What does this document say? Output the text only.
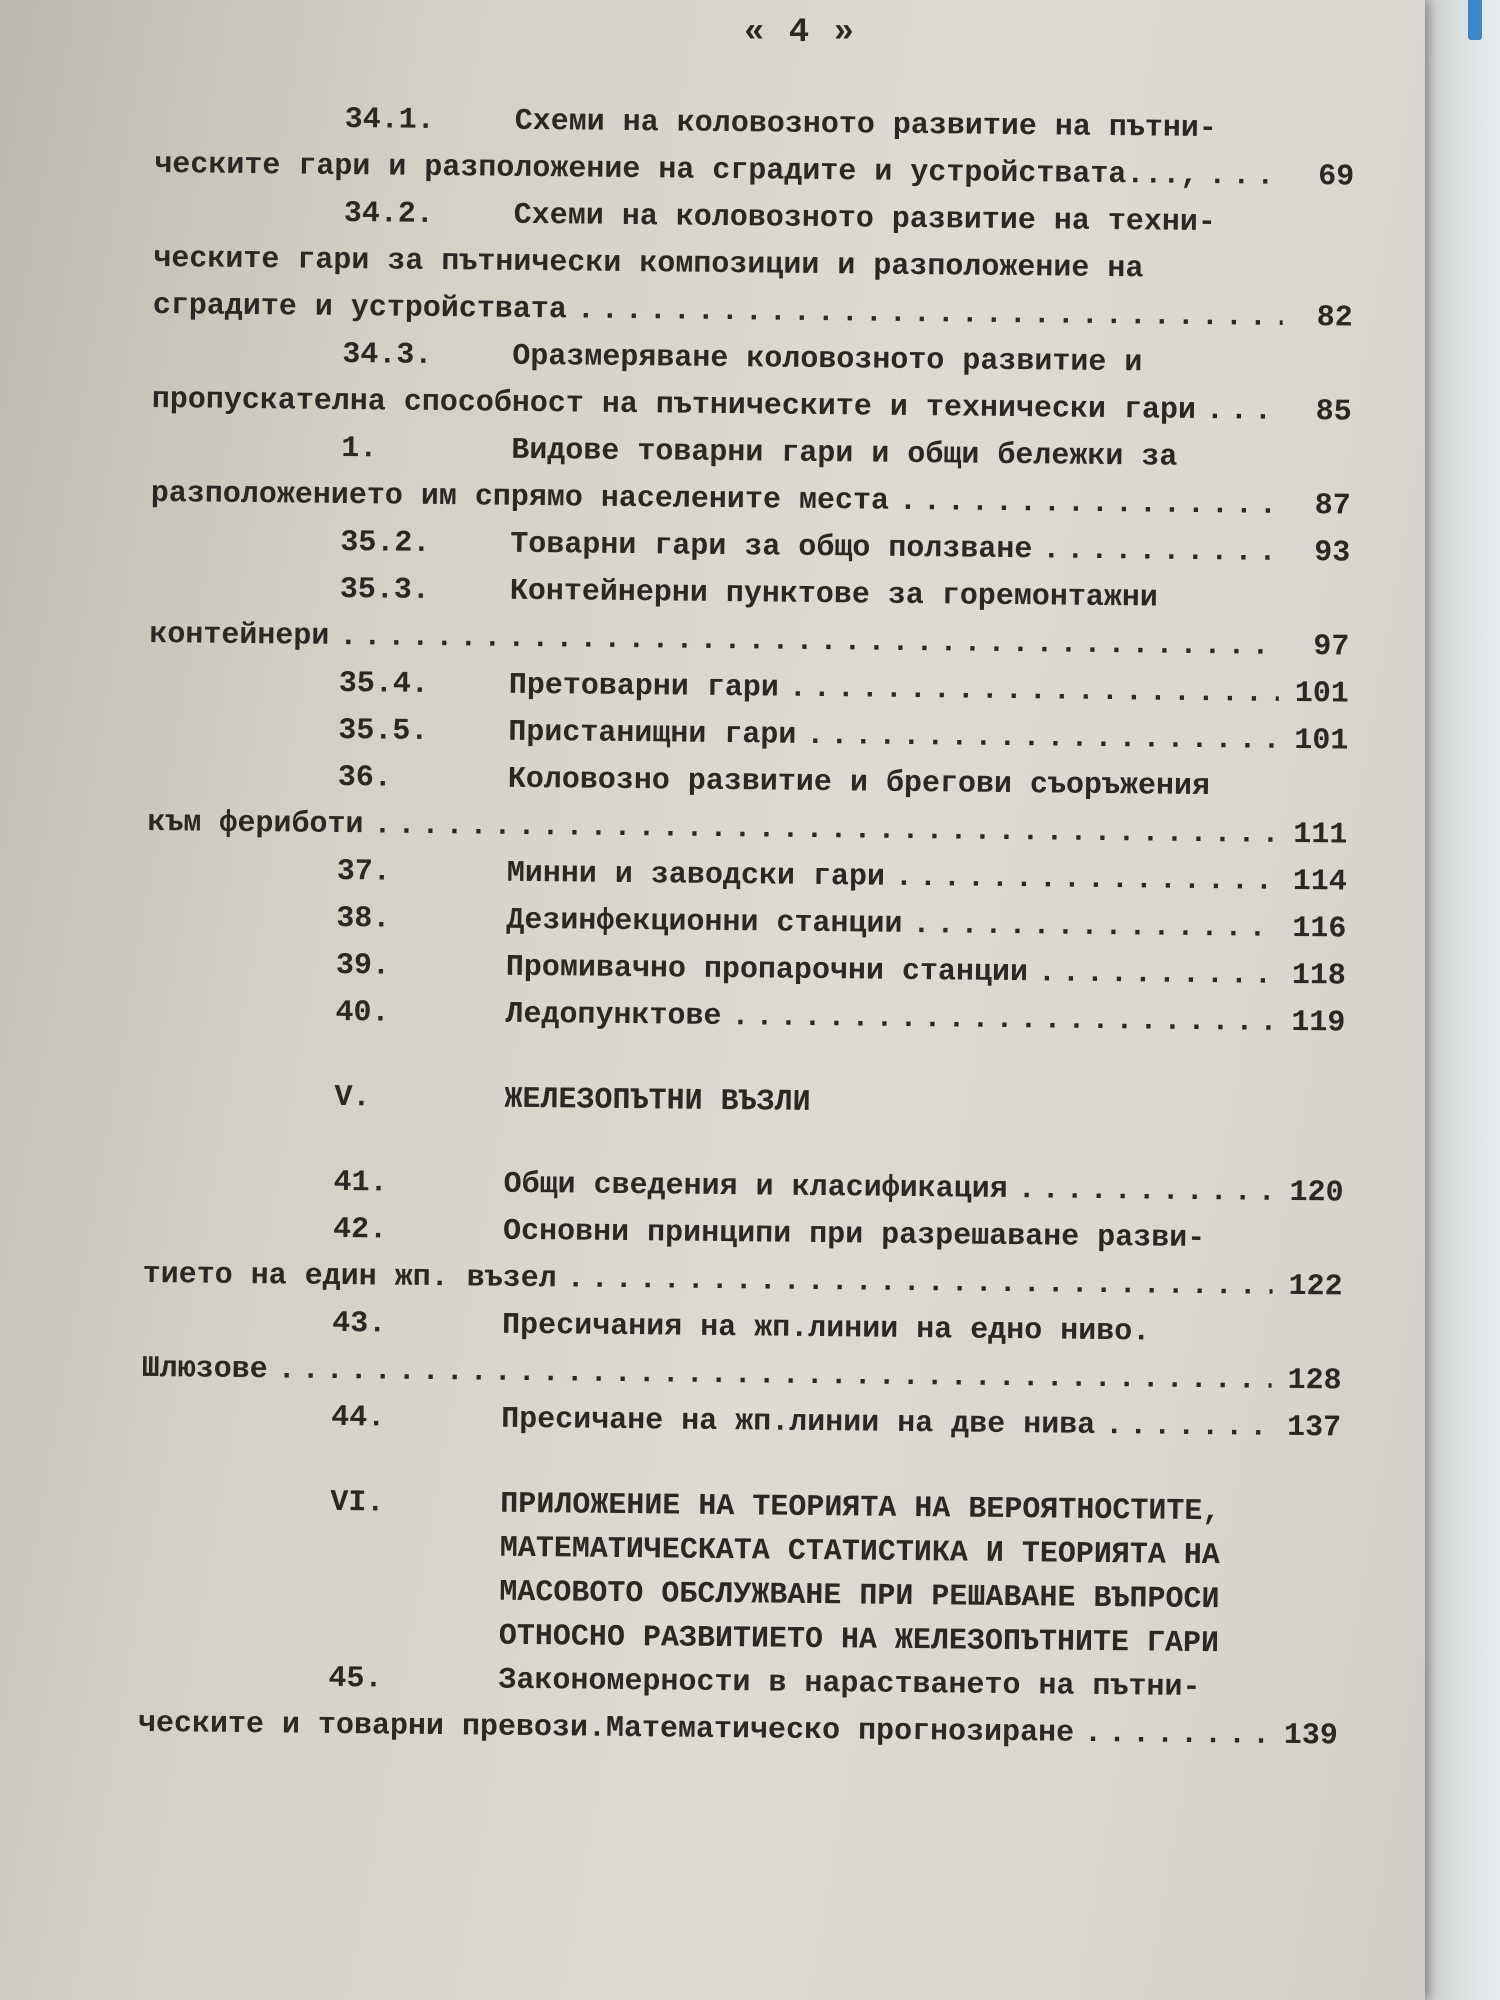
« 4 »
34.1.	Схеми на коловозното развитие на пътни-
ческите гари и разположение на сградите и устройствата..., .....	69
34.2.	Схеми на коловозното развитие на техни-
ческите гари за пътнически композиции и разположение на
сградите и устройствата .....	82
34.3.	Оразмеряване коловозното развитие и
пропускателна способност на пътническите и технически гари .....	85
1.	Видове товарни гари и общи бележки за
разположението им спрямо населените места .....	87
35.2.	Товарни гари за общо ползване .....	93
35.3.	Контейнерни пунктове за горемонтажни
контейнери .....	97
35.4.	Претоварни гари .....	101
35.5.	Пристанищни гари .....	101
36.	Коловозно развитие и брегови съоръжения
към фериботи .....	111
37.	Минни и заводски гари .....	114
38.	Дезинфекционни станции .....	116
39.	Промивачно пропарочни станции .....	118
40.	Ледопунктове .....	119
V.	ЖЕЛЕЗОПЪТНИ ВЪЗЛИ
41.	Общи сведения и класификация .....	120
42.	Основни принципи при разрешаване разви-
тието на един жп. възел .....	122
43.	Пресичания на жп.линии на едно ниво.
Шлюзове .....	128
44.	Пресичане на жп.линии на две нива .....	137
VI.	ПРИЛОЖЕНИЕ НА ТЕОРИЯТА НА ВЕРОЯТНОСТИТЕ,
МАТЕМАТИЧЕСКАТА СТАТИСТИКА И ТЕОРИЯТА НА
МАСОВОТО ОБСЛУЖВАНЕ ПРИ РЕШАВАНЕ ВЪПРОСИ
ОТНОСНО РАЗВИТИЕТО НА ЖЕЛЕЗОПЪТНИТЕ ГАРИ
45.	Закономерности в нарастването на пътни-
ческите и товарни превози.Математическо прогнозиране .....	139
